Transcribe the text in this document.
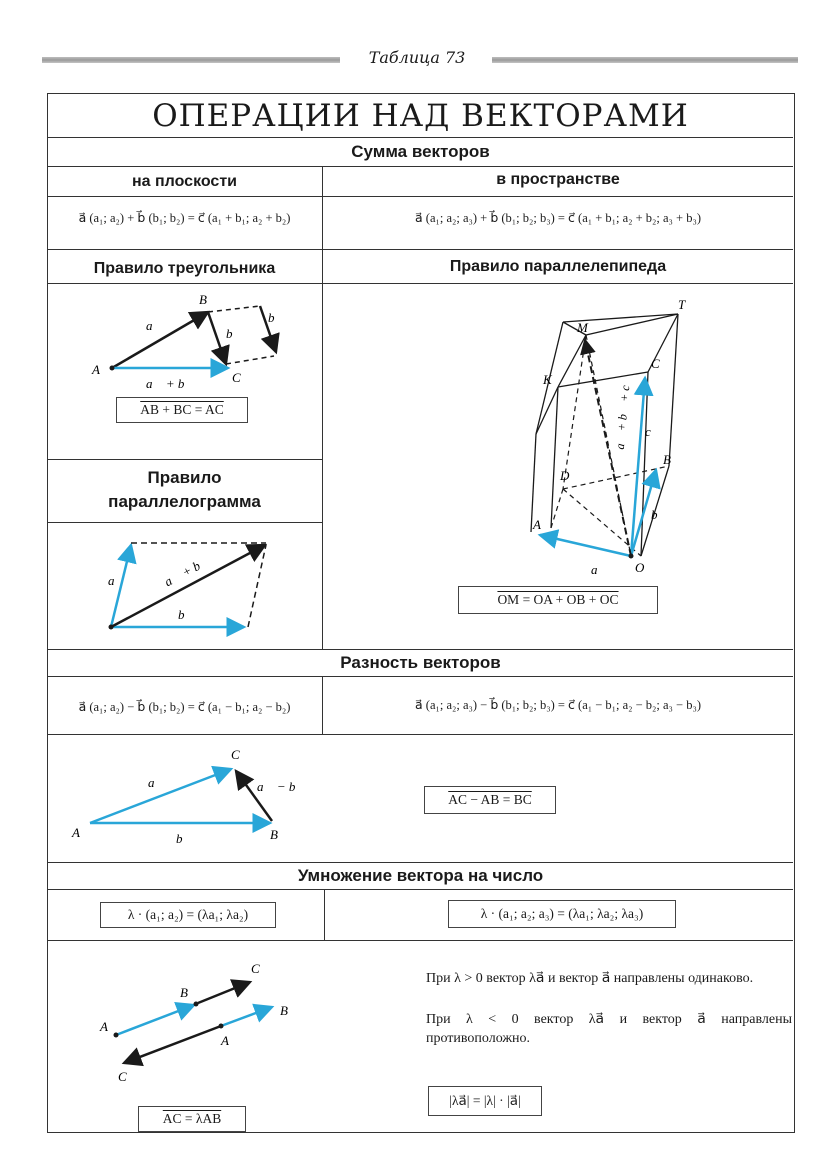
Таблица 73
ОПЕРАЦИИ НАД ВЕКТОРАМИ
Сумма векторов
на плоскости	в пространстве
a⃗ (a₁; a₂) + b⃗ (b₁; b₂) = c⃗ (a₁ + b₁; a₂ + b₂)	a⃗ (a₁; a₂; a₃) + b⃗ (b₁; b₂; b₃) = c⃗ (a₁ + b₁; a₂ + b₂; a₃ + b₃)
Правило треугольника	Правило параллелепипеда
A
B
C
a⃗
b⃗
b⃗
a⃗ + b⃗
AB + BC = AC
Правило
параллелограмма
a⃗
b⃗
a⃗ + b⃗
M
T
K
C
D
B
A
O
a⃗
b⃗
c⃗
a⃗ + b⃗ + c⃗
OM = OA + OB + OC
Разность векторов
a⃗ (a₁; a₂) − b⃗ (b₁; b₂) = c⃗ (a₁ − b₁; a₂ − b₂)	a⃗ (a₁; a₂; a₃) − b⃗ (b₁; b₂; b₃) = c⃗ (a₁ − b₁; a₂ − b₂; a₃ − b₃)
A	B
C
a⃗
b⃗
a⃗ − b⃗
AC − AB = BC
Умножение вектора на число
λ · (a₁; a₂) = (λa₁; λa₂)	λ · (a₁; a₂; a₃) = (λa₁; λa₂; λa₃)
A
B
C
A
B
C
AC = λAB
При λ > 0 вектор λa⃗ и вектор a⃗ направлены одинаково.
При λ < 0 вектор λa⃗ и вектор a⃗ направлены противоположно.
|λa⃗| = |λ| · |a⃗|
